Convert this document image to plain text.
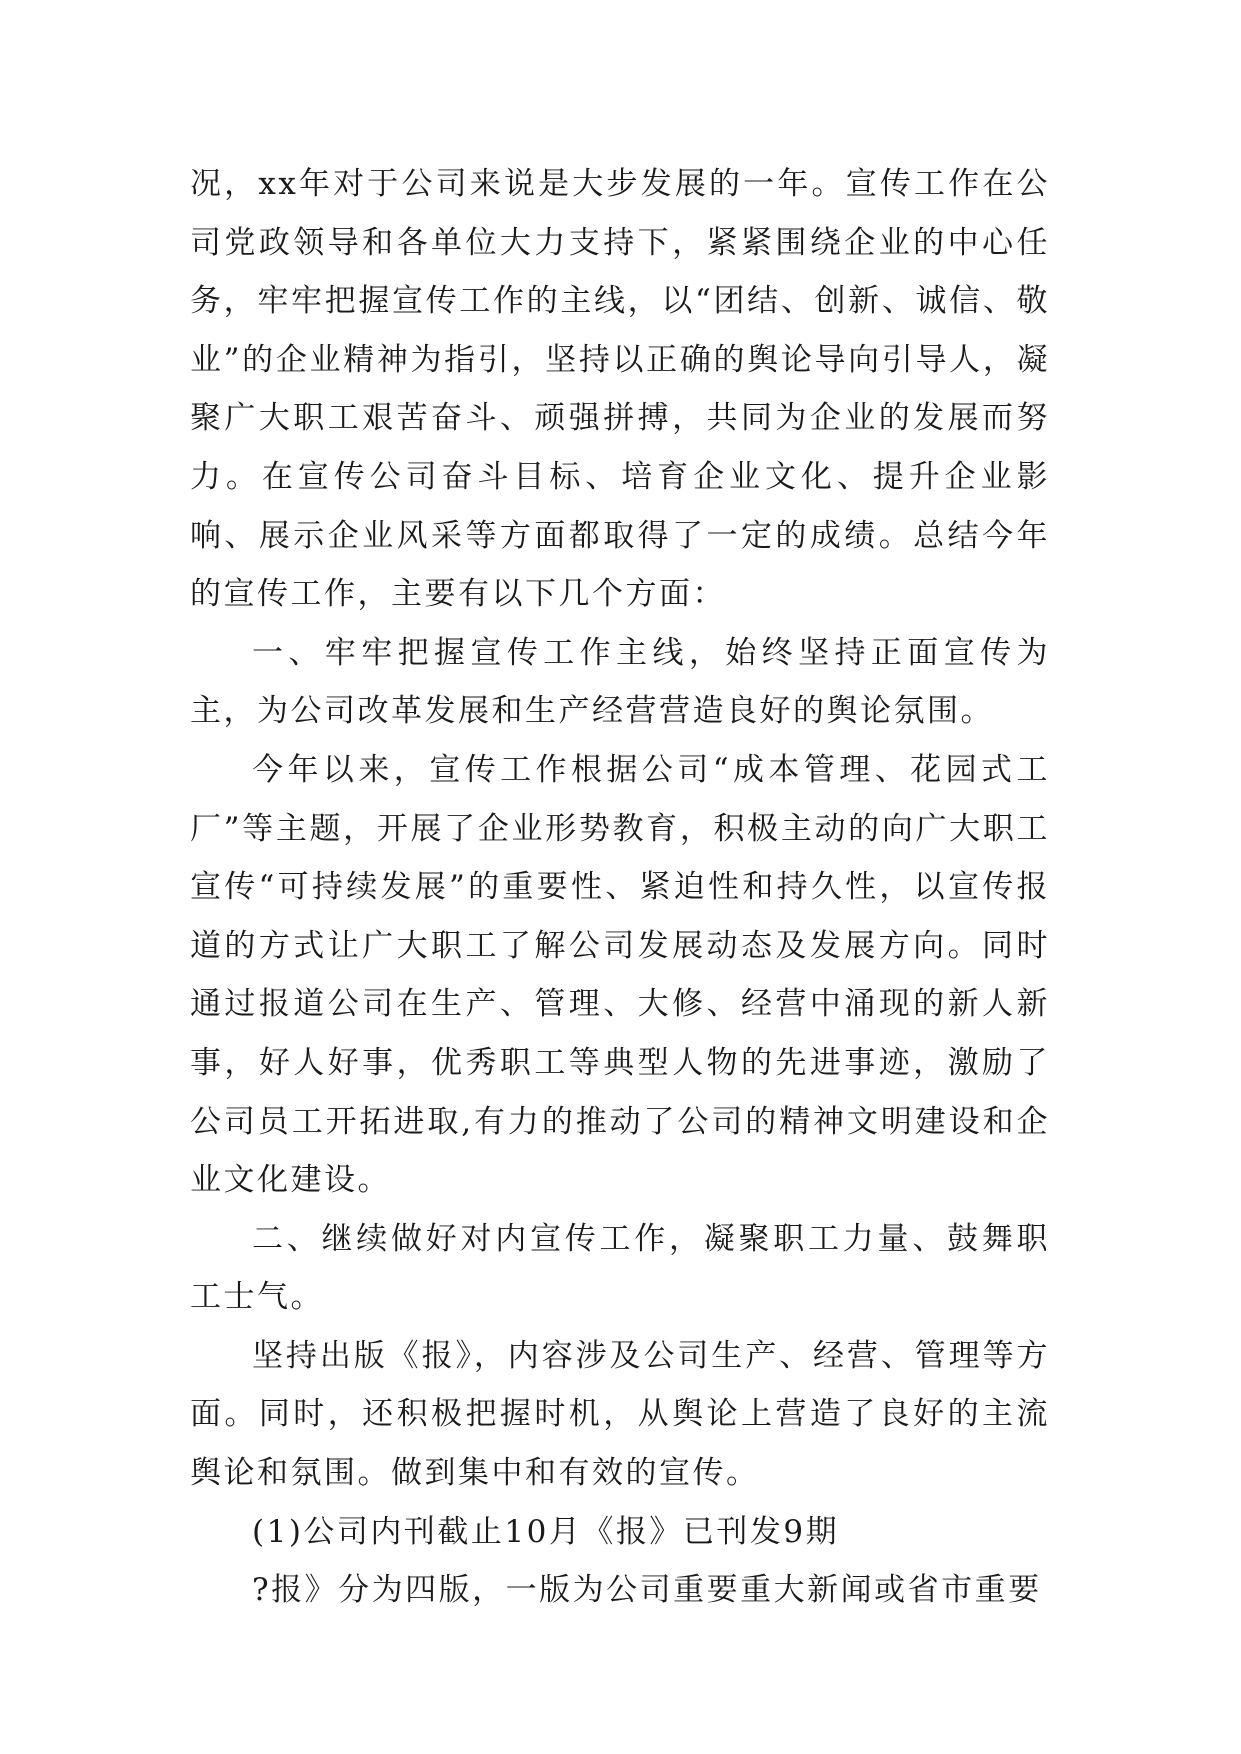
况，xx年对于公司来说是大步发展的一年。宣传工作在公司党政领导和各单位大力支持下，紧紧围绕企业的中心任务，牢牢把握宣传工作的主线，以“团结、创新、诚信、敬业”的企业精神为指引，坚持以正确的舆论导向引导人，凝聚广大职工艰苦奋斗、顽强拼搏，共同为企业的发展而努力。在宣传公司奋斗目标、培育企业文化、提升企业影响、展示企业风采等方面都取得了一定的成绩。总结今年的宣传工作，主要有以下几个方面：

一、牢牢把握宣传工作主线，始终坚持正面宣传为主，为公司改革发展和生产经营营造良好的舆论氛围。

今年以来，宣传工作根据公司“成本管理、花园式工厂”等主题，开展了企业形势教育，积极主动的向广大职工宣传“可持续发展”的重要性、紧迫性和持久性，以宣传报道的方式让广大职工了解公司发展动态及发展方向。同时通过报道公司在生产、管理、大修、经营中涌现的新人新事，好人好事，优秀职工等典型人物的先进事迹，激励了公司员工开拓进取,有力的推动了公司的精神文明建设和企业文化建设。

二、继续做好对内宣传工作，凝聚职工力量、鼓舞职工士气。

坚持出版《报》，内容涉及公司生产、经营、管理等方面。同时，还积极把握时机，从舆论上营造了良好的主流舆论和氛围。做到集中和有效的宣传。

(1)公司内刊截止10月《报》已刊发9期

?报》分为四版，一版为公司重要重大新闻或省市重要
